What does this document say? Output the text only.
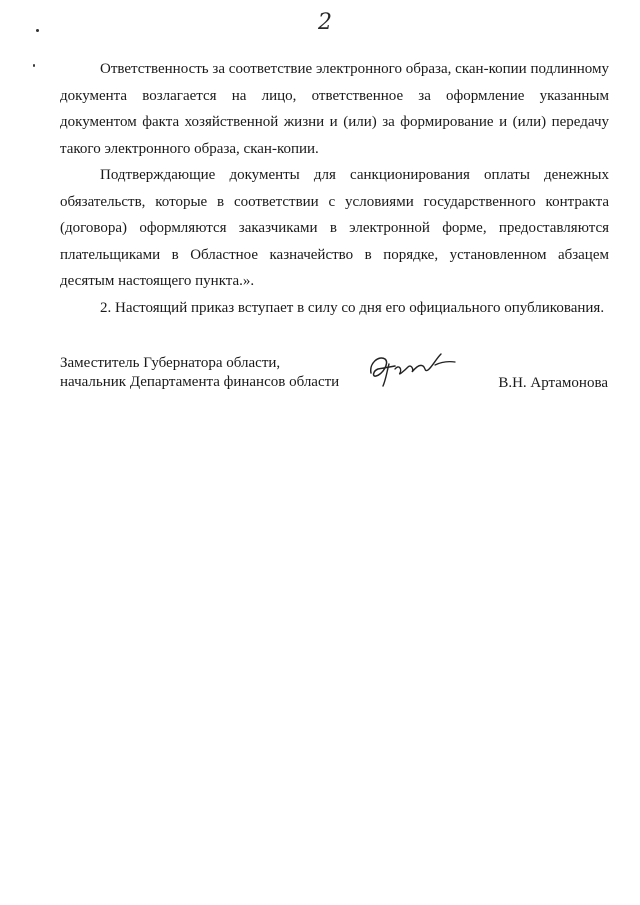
2

Ответственность за соответствие электронного образа, скан-копии подлинному документа возлагается на лицо, ответственное за оформление указанным документом факта хозяйственной жизни и (или) за формирование и (или) передачу такого электронного образа, скан-копии.

Подтверждающие документы для санкционирования оплаты денежных обязательств, которые в соответствии с условиями государственного контракта (договора) оформляются заказчиками в электронной форме, предоставляются плательщиками в Областное казначейство в порядке, установленном абзацем десятым настоящего пункта.».

2. Настоящий приказ вступает в силу со дня его официального опубликования.

Заместитель Губернатора области,
начальник Департамента финансов области	В.Н. Артамонова
